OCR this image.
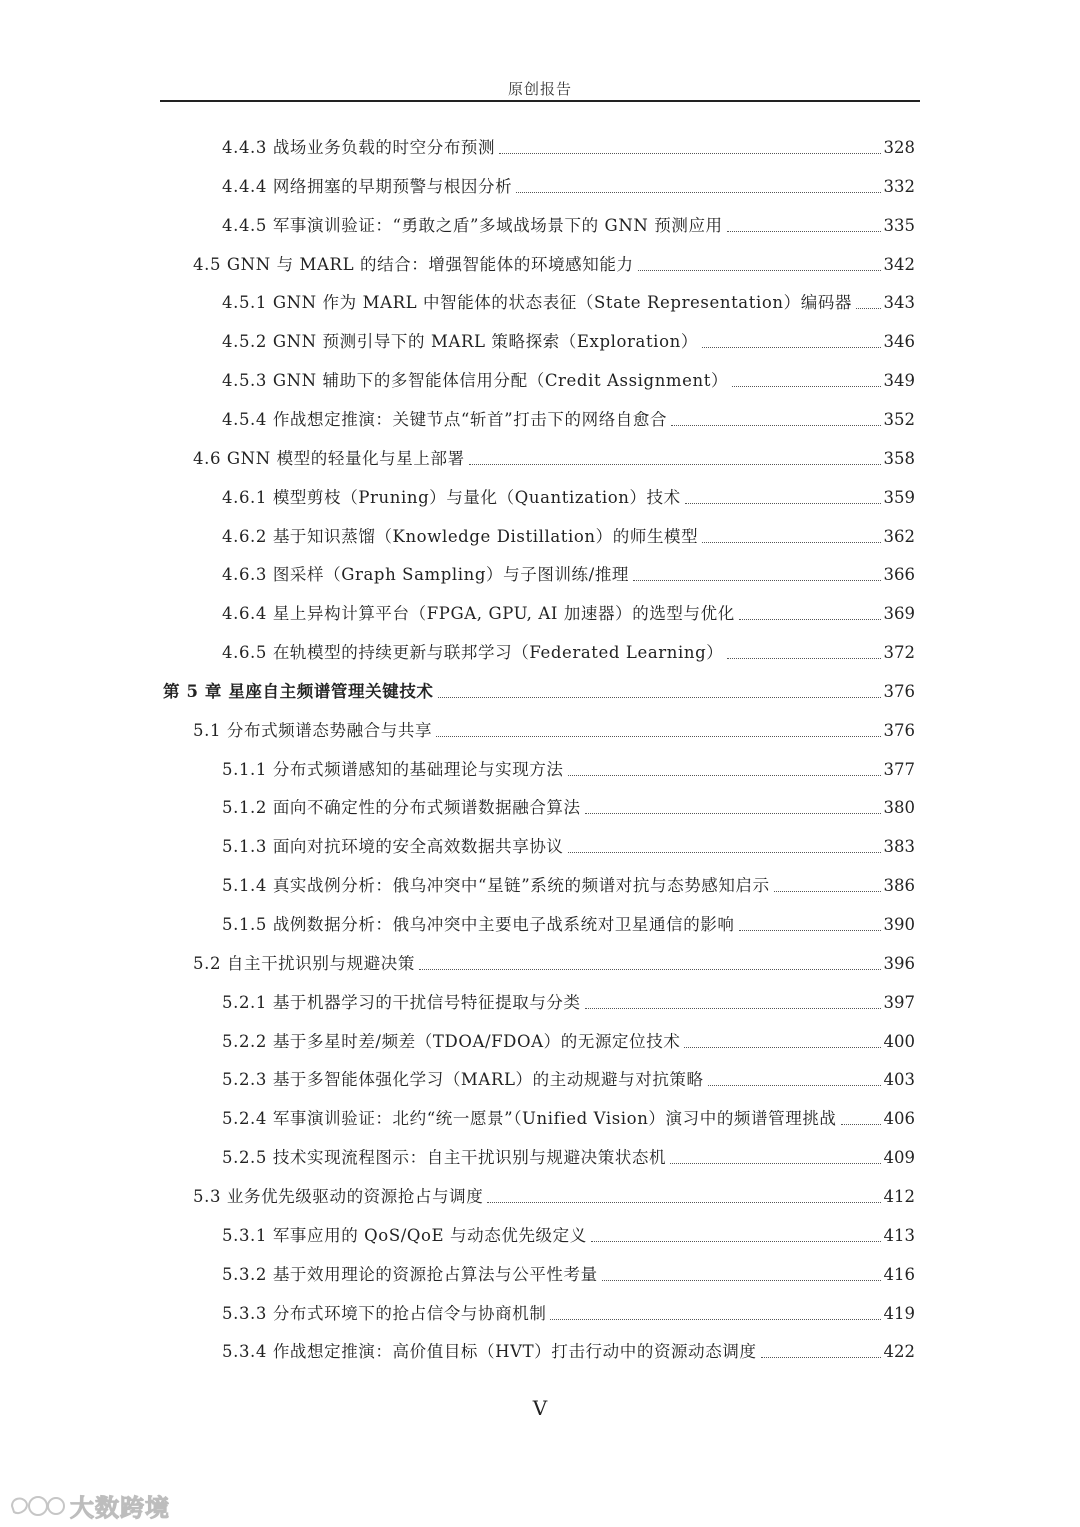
原创报告
4.4.3 战场业务负载的时空分布预测	328
4.4.4 网络拥塞的早期预警与根因分析	332
4.4.5 军事演训验证：“勇敢之盾”多域战场景下的 GNN 预测应用	335
4.5 GNN 与 MARL 的结合：增强智能体的环境感知能力	342
4.5.1 GNN 作为 MARL 中智能体的状态表征（State Representation）编码器 343
4.5.2 GNN 预测引导下的 MARL 策略探索（Exploration）	346
4.5.3 GNN 辅助下的多智能体信用分配（Credit Assignment）	349
4.5.4 作战想定推演：关键节点“斩首”打击下的网络自愈合	352
4.6 GNN 模型的轻量化与星上部署	358
4.6.1 模型剪枝（Pruning）与量化（Quantization）技术	359
4.6.2 基于知识蒸馏（Knowledge Distillation）的师生模型	362
4.6.3 图采样（Graph Sampling）与子图训练/推理	366
4.6.4 星上异构计算平台（FPGA, GPU, AI 加速器）的选型与优化	369
4.6.5 在轨模型的持续更新与联邦学习（Federated Learning）	372
第 5 章 星座自主频谱管理关键技术	376
5.1 分布式频谱态势融合与共享	376
5.1.1 分布式频谱感知的基础理论与实现方法	377
5.1.2 面向不确定性的分布式频谱数据融合算法	380
5.1.3 面向对抗环境的安全高效数据共享协议	383
5.1.4 真实战例分析：俄乌冲突中“星链”系统的频谱对抗与态势感知启示	386
5.1.5 战例数据分析：俄乌冲突中主要电子战系统对卫星通信的影响	390
5.2 自主干扰识别与规避决策	396
5.2.1 基于机器学习的干扰信号特征提取与分类	397
5.2.2 基于多星时差/频差（TDOA/FDOA）的无源定位技术	400
5.2.3 基于多智能体强化学习（MARL）的主动规避与对抗策略	403
5.2.4 军事演训验证：北约“统一愿景”（Unified Vision）演习中的频谱管理挑战	406
5.2.5 技术实现流程图示：自主干扰识别与规避决策状态机	409
5.3 业务优先级驱动的资源抢占与调度	412
5.3.1 军事应用的 QoS/QoE 与动态优先级定义	413
5.3.2 基于效用理论的资源抢占算法与公平性考量	416
5.3.3 分布式环境下的抢占信令与协商机制	419
5.3.4 作战想定推演：高价值目标（HVT）打击行动中的资源动态调度	422
V
大数跨境
